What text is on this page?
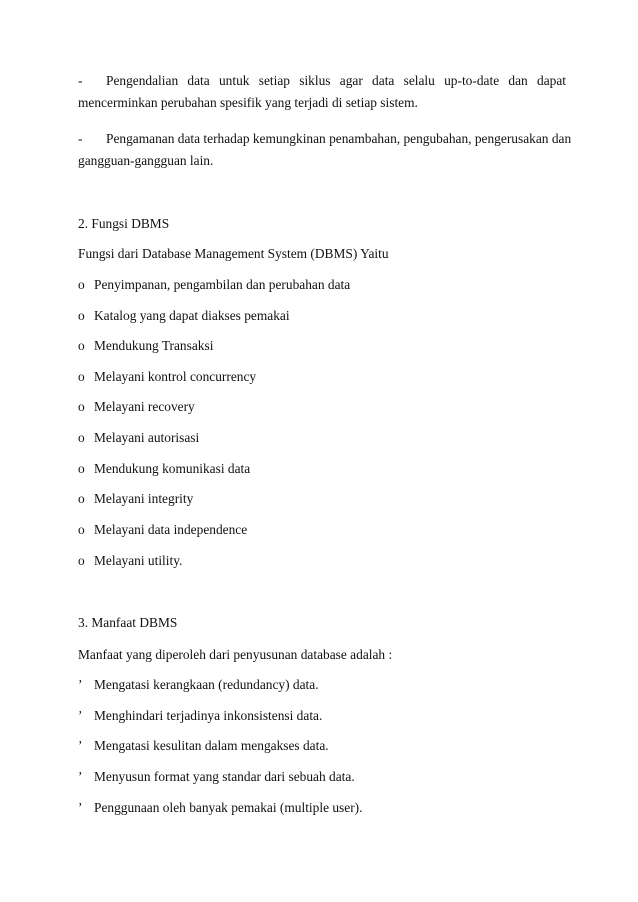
-	Pengendalian data untuk setiap siklus agar data selalu up-to-date dan dapat
mencerminkan perubahan spesifik yang terjadi di setiap sistem.
-	Pengamanan data terhadap kemungkinan penambahan, pengubahan, pengerusakan dan
gangguan-gangguan lain.
2. Fungsi DBMS
Fungsi dari Database Management System (DBMS) Yaitu
o Penyimpanan, pengambilan dan perubahan data
o Katalog yang dapat diakses pemakai
o Mendukung Transaksi
o Melayani kontrol concurrency
o Melayani recovery
o Melayani autorisasi
o Mendukung komunikasi data
o Melayani integrity
o Melayani data independence
o Melayani utility.
3. Manfaat DBMS
Manfaat yang diperoleh dari penyusunan database adalah :
’ Mengatasi kerangkaan (redundancy) data.
’ Menghindari terjadinya inkonsistensi data.
’ Mengatasi kesulitan dalam mengakses data.
’ Menyusun format yang standar dari sebuah data.
’ Penggunaan oleh banyak pemakai (multiple user).
